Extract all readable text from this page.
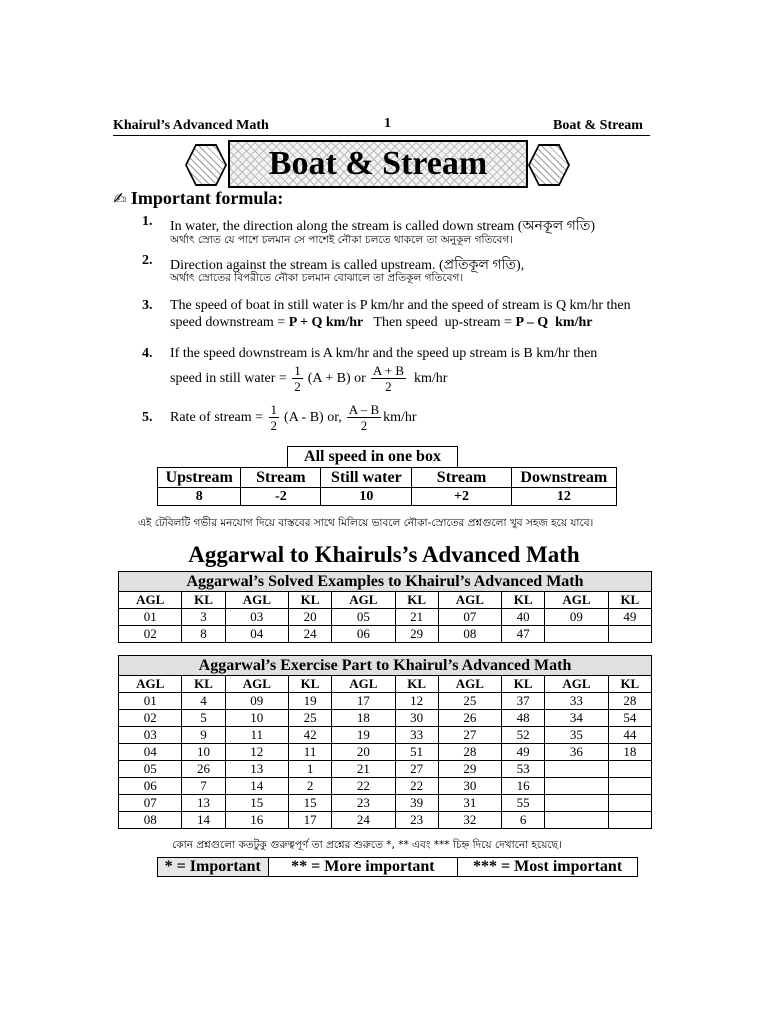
Khairul’s Advanced Math	1	Boat & Stream
Boat & Stream
✍ Important formula:
1. In water, the direction along the stream is called down stream (অনকূল গতি)
অর্থাৎ স্রোত যে পাশে চলমান সে পাশেই নৌকা চলতে থাকলে তা অনুকূল গতিবেগ।
2. Direction against the stream is called upstream. (প্রতিকূল গতি),
অর্থাৎ স্রোতের বিপরীতে নৌকা চলমান বোঝালে তা প্রতিকূল গতিবেগ।
3. The speed of boat in still water is P km/hr and the speed of stream is Q km/hr then
speed downstream = P + Q km/hr   Then speed  up-stream = P – Q  km/hr
4. If the speed downstream is A km/hr and the speed up stream is B km/hr then
speed in still water = $\frac{1}{2} (A + B)$ or $\frac{A + B}{2} km/hr$
5.	Rate of stream = $\frac{1}{2} (A - B)$ or, $\frac{A - B}{2} km/hr$
All speed in one box
Upstream	Stream	Still water	Stream	Downstream
8	-2	10	+2	12
এই টেবিলটি গভীর মনযোগ দিয়ে বাস্তবের সাথে মিলিয়ে ভাবলে নৌকা-স্রোতের প্রশ্নগুলো খুব সহজ হয়ে যাবে।
Aggarwal to Khairuls’s Advanced Math
Aggarwal’s Solved Examples to Khairul’s Advanced Math									
AGL	KL	AGL	KL	AGL	KL	AGL	KL	AGL	KL
01	3	03	20	05	21	07	40	09	49
02	8	04	24	06	29	08	47		
Aggarwal’s Exercise Part to Khairul’s Advanced Math									
AGL	KL	AGL	KL	AGL	KL	AGL	KL	AGL	KL
01	4	09	19	17	12	25	37	33	28
02	5	10	25	18	30	26	48	34	54
03	9	11	42	19	33	27	52	35	44
04	10	12	11	20	51	28	49	36	18
05	26	13	1	21	27	29	53		
06	7	14	2	22	22	30	16		
07	13	15	15	23	39	31	55		
08	14	16	17	24	23	32	6		
কোন প্রশ্নগুলো কতটুকু গুরুত্বপূর্ণ তা প্রশ্নের শুরুতে *, ** এবং *** চিহ্ন দিয়ে দেখানো হয়েছে।
* = Important	** = More important	*** = Most important
